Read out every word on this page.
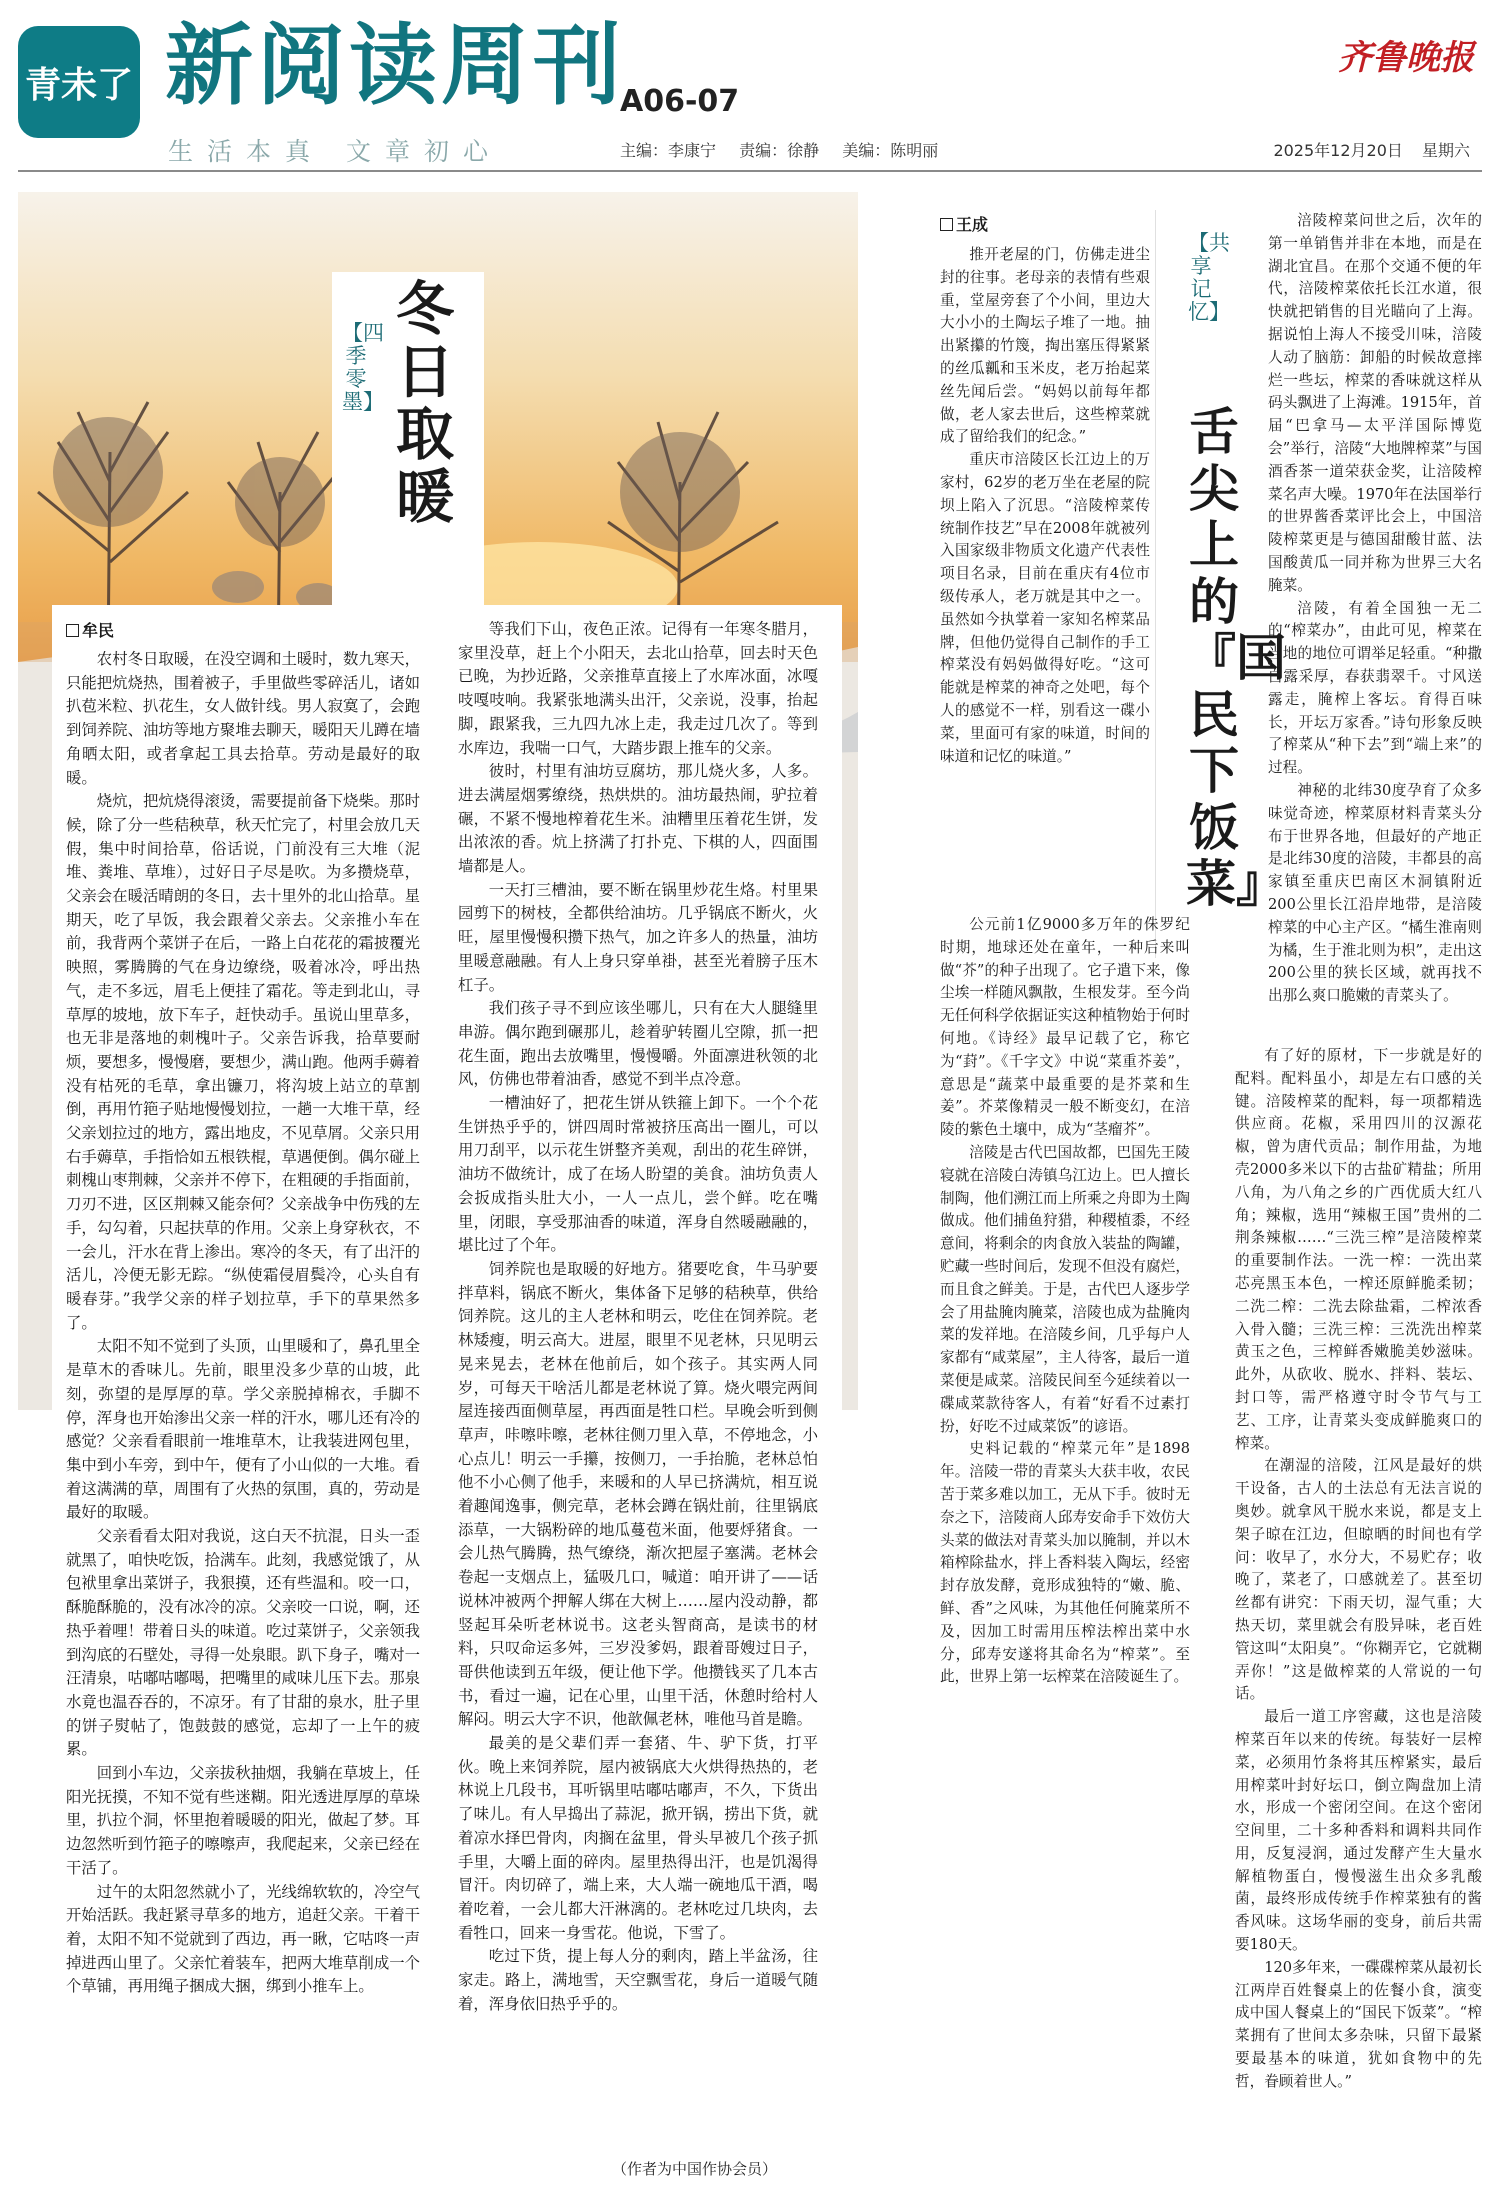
青未了 新阅读周刊
A06-07
生活本真 文章初心	主编：李康宁 责编：徐静 美编：陈明丽
齐鲁晚报
2025年12月20日 星期六
冬日取暖
【四季零墨】
牟民

农村冬日取暖，在没空调和土暖时，数九寒天，只能把炕烧热，围着被子，手里做些零碎活儿，诸如扒苞米粒、扒花生，女人做针线。男人寂寞了，会跑到饲养院、油坊等地方聚堆去聊天，暖阳天儿蹲在墙角晒太阳，或者拿起工具去拾草。劳动是最好的取暖。

烧炕，把炕烧得滚烫，需要提前备下烧柴。那时候，除了分一些秸秧草，秋天忙完了，村里会放几天假，集中时间拾草，俗话说，门前没有三大堆（泥堆、粪堆、草堆），过好日子尽是吹。为多攒烧草，父亲会在暖活晴朗的冬日，去十里外的北山拾草。星期天，吃了早饭，我会跟着父亲去。父亲推小车在前，我背两个菜饼子在后，一路上白花花的霜披覆光映照，雾腾腾的气在身边缭绕，吸着冰冷，呼出热气，走不多远，眉毛上便挂了霜花。等走到北山，寻草厚的坡地，放下车子，赶快动手。虽说山里草多，也无非是落地的刺槐叶子。父亲告诉我，拾草要耐烦，要想多，慢慢磨，要想少，满山跑。他两手薅着没有枯死的毛草，拿出镰刀，将沟坡上站立的草割倒，再用竹筢子贴地慢慢划拉，一趟一大堆干草，经父亲划拉过的地方，露出地皮，不见草屑。父亲只用右手薅草，手指恰如五根铁棍，草遇便倒。偶尔碰上刺槐山枣荆棘，父亲并不停下，在粗硬的手指面前，刀刃不进，区区荆棘又能奈何？父亲战争中伤残的左手，勾勾着，只起扶草的作用。父亲上身穿秋衣，不一会儿，汗水在背上渗出。寒冷的冬天，有了出汗的活儿，冷便无影无踪。“纵使霜侵眉鬓冷，心头自有暖春芽。”我学父亲的样子划拉草，手下的草果然多了。

太阳不知不觉到了头顶，山里暖和了，鼻孔里全是草木的香味儿。先前，眼里没多少草的山坡，此刻，弥望的是厚厚的草。学父亲脱掉棉衣，手脚不停，浑身也开始渗出父亲一样的汗水，哪儿还有冷的感觉？父亲看看眼前一堆堆草木，让我装进网包里，集中到小车旁，到中午，便有了小山似的一大堆。看着这满满的草，周围有了火热的氛围，真的，劳动是最好的取暖。

父亲看看太阳对我说，这白天不抗混，日头一歪就黑了，咱快吃饭，拾满车。此刻，我感觉饿了，从包袱里拿出菜饼子，我狠摸，还有些温和。咬一口，酥脆酥脆的，没有冰冷的凉。父亲咬一口说，啊，还热乎着哩！带着日头的味道。吃过菜饼子，父亲领我到沟底的石壁处，寻得一处泉眼。趴下身子，嘴对一汪清泉，咕嘟咕嘟喝，把嘴里的咸味儿压下去。那泉水竟也温吞吞的，不凉牙。有了甘甜的泉水，肚子里的饼子熨帖了，饱鼓鼓的感觉，忘却了一上午的疲累。

回到小车边，父亲拔秋抽烟，我躺在草坡上，任阳光抚摸，不知不觉有些迷糊。阳光透进厚厚的草垛里，扒拉个洞，怀里抱着暖暖的阳光，做起了梦。耳边忽然听到竹筢子的嚓嚓声，我爬起来，父亲已经在干活了。

过午的太阳忽然就小了，光线绵软软的，冷空气开始活跃。我赶紧寻草多的地方，追赶父亲。干着干着，太阳不知不觉就到了西边，再一瞅，它咕咚一声掉进西山里了。父亲忙着装车，把两大堆草削成一个个草铺，再用绳子捆成大捆，绑到小推车上。

等我们下山，夜色正浓。记得有一年寒冬腊月，家里没草，赶上个小阳天，去北山拾草，回去时天色已晚，为抄近路，父亲推草直接上了水库冰面，冰嘎吱嘎吱响。我紧张地满头出汗，父亲说，没事，抬起脚，跟紧我，三九四九冰上走，我走过几次了。等到水库边，我喘一口气，大踏步跟上推车的父亲。

彼时，村里有油坊豆腐坊，那儿烧火多，人多。进去满屋烟雾缭绕，热烘烘的。油坊最热闹，驴拉着碾，不紧不慢地榨着花生米。油糟里压着花生饼，发出浓浓的香。炕上挤满了打扑克、下棋的人，四面围墙都是人。

一天打三槽油，要不断在锅里炒花生烙。村里果园剪下的树枝，全都供给油坊。几乎锅底不断火，火旺，屋里慢慢积攒下热气，加之许多人的热量，油坊里暖意融融。有人上身只穿单褂，甚至光着膀子压木杠子。

我们孩子寻不到应该坐哪儿，只有在大人腿缝里串游。偶尔跑到碾那儿，趁着驴转圈儿空隙，抓一把花生面，跑出去放嘴里，慢慢嚼。外面凛进秋领的北风，仿佛也带着油香，感觉不到半点冷意。

一槽油好了，把花生饼从铁箍上卸下。一个个花生饼热乎乎的，饼四周时常被挤压高出一圈儿，可以用刀刮平，以示花生饼整齐美观，刮出的花生碎饼，油坊不做统计，成了在场人盼望的美食。油坊负责人会扳成指头肚大小，一人一点儿，尝个鲜。吃在嘴里，闭眼，享受那油香的味道，浑身自然暖融融的，堪比过了个年。

饲养院也是取暖的好地方。猪要吃食，牛马驴要拌草料，锅底不断火，集体备下足够的秸秧草，供给饲养院。这儿的主人老林和明云，吃住在饲养院。老林矮瘦，明云高大。进屋，眼里不见老林，只见明云晃来晃去，老林在他前后，如个孩子。其实两人同岁，可每天干啥活儿都是老林说了算。烧火喂完两间屋连接西面侧草屋，再西面是牲口栏。早晚会听到侧草声，咔嚓咔嚓，老林往侧刀里入草，不停地念，小心点儿！明云一手攥，按侧刀，一手抬脆，老林总怕他不小心侧了他手，来暖和的人早已挤满炕，相互说着趣闻逸事，侧完草，老林会蹲在锅灶前，往里锅底添草，一大锅粉碎的地瓜蔓苞米面，他要烀猪食。一会儿热气腾腾，热气缭绕，渐次把屋子塞满。老林会卷起一支烟点上，猛吸几口，喊道：咱开讲了——话说林冲被两个押解人绑在大树上……屋内没动静，都竖起耳朵听老林说书。这老头智商高，是读书的材料，只叹命运多舛，三岁没爹妈，跟着哥嫂过日子，哥供他读到五年级，便让他下学。他攒钱买了几本古书，看过一遍，记在心里，山里干活，休憩时给村人解闷。明云大字不识，他歆佩老林，唯他马首是瞻。

最美的是父辈们弄一套猪、牛、驴下货，打平伙。晚上来饲养院，屋内被锅底大火烘得热热的，老林说上几段书，耳听锅里咕嘟咕嘟声，不久，下货出了味儿。有人早捣出了蒜泥，掀开锅，捞出下货，就着凉水择巴骨肉，肉搁在盆里，骨头早被几个孩子抓手里，大嚼上面的碎肉。屋里热得出汗，也是饥渴得冒汗。肉切碎了，端上来，大人端一碗地瓜干酒，喝着吃着，一会儿都大汗淋漓的。老林吃过几块肉，去看牲口，回来一身雪花。他说，下雪了。

吃过下货，提上每人分的剩肉，踏上半盆汤，往家走。路上，满地雪，天空飘雪花，身后一道暖气随着，浑身依旧热乎乎的。

（作者为中国作协会员）
王成
【共享记忆】
舌尖上的『国民下饭菜』

推开老屋的门，仿佛走进尘封的往事。老母亲的表情有些艰重，堂屋旁套了个小间，里边大大小小的土陶坛子堆了一地。抽出紧攥的竹篾，掏出塞压得紧紧的丝瓜瓤和玉米皮，老万抬起菜丝先闻后尝。“妈妈以前每年都做，老人家去世后，这些榨菜就成了留给我们的纪念。”

重庆市涪陵区长江边上的万家村，62岁的老万坐在老屋的院坝上陷入了沉思。“涪陵榨菜传统制作技艺”早在2008年就被列入国家级非物质文化遗产代表性项目名录，目前在重庆有4位市级传承人，老万就是其中之一。虽然如今执掌着一家知名榨菜品牌，但他仍觉得自己制作的手工榨菜没有妈妈做得好吃。“这可能就是榨菜的神奇之处吧，每个人的感觉不一样，别看这一碟小菜，里面可有家的味道，时间的味道和记忆的味道。”

公元前1亿9000多万年的侏罗纪时期，地球还处在童年，一种后来叫做“芥”的种子出现了。它子遣下来，像尘埃一样随风飘散，生根发芽。至今尚无任何科学依据证实这种植物始于何时何地。《诗经》最早记载了它，称它为“葑”。《千字文》中说“菜重芥姜”，意思是“蔬菜中最重要的是芥菜和生姜”。芥菜像精灵一般不断变幻，在涪陵的紫色土壤中，成为“茎瘤芥”。

涪陵是古代巴国故都，巴国先王陵寝就在涪陵白涛镇乌江边上。巴人擅长制陶，他们溯江而上所乘之舟即为土陶做成。他们捕鱼狩猎，种稷植黍，不经意间，将剩余的肉食放入装盐的陶罐，贮藏一些时间后，发现不但没有腐烂，而且食之鲜美。于是，古代巴人逐步学会了用盐腌肉腌菜，涪陵也成为盐腌肉菜的发祥地。在涪陵乡间，几乎每户人家都有“咸菜屋”，主人待客，最后一道菜便是咸菜。涪陵民间至今延续着以一碟咸菜款待客人，有着“好看不过素打扮，好吃不过咸菜饭”的谚语。

史料记载的“榨菜元年”是1898年。涪陵一带的青菜头大获丰收，农民苦于菜多难以加工，无从下手。彼时无奈之下，涪陵商人邱寿安命手下效仿大头菜的做法对青菜头加以腌制，并以木箱榨除盐水，拌上香料装入陶坛，经密封存放发酵，竟形成独特的“嫩、脆、鲜、香”之风味，为其他任何腌菜所不及，因加工时需用压榨法榨出菜中水分，邱寿安遂将其命名为“榨菜”。至此，世界上第一坛榨菜在涪陵诞生了。

涪陵榨菜问世之后，次年的第一单销售并非在本地，而是在湖北宜昌。在那个交通不便的年代，涪陵榨菜依托长江水道，很快就把销售的目光瞄向了上海。据说怕上海人不接受川味，涪陵人动了脑筋：卸船的时候故意摔烂一些坛，榨菜的香味就这样从码头飘进了上海滩。1915年，首届“巴拿马—太平洋国际博览会”举行，涪陵“大地牌榨菜”与国酒香茶一道荣获金奖，让涪陵榨菜名声大噪。1970年在法国举行的世界酱香菜评比会上，中国涪陵榨菜更是与德国甜酸甘蓝、法国酸黄瓜一同并称为世界三大名腌菜。

涪陵，有着全国独一无二的“榨菜办”，由此可见，榨菜在当地的地位可谓举足轻重。“种撒白露采厚，春获翡翠千。寸风送露走，腌榨上客坛。育得百味长，开坛万家香。”诗句形象反映了榨菜从“种下去”到“端上来”的过程。

神秘的北纬30度孕育了众多味觉奇迹，榨菜原材料青菜头分布于世界各地，但最好的产地正是北纬30度的涪陵，丰都县的高家镇至重庆巴南区木洞镇附近200公里长江沿岸地带，是涪陵榨菜的中心主产区。“橘生淮南则为橘，生于淮北则为枳”，走出这200公里的狭长区域，就再找不出那么爽口脆嫩的青菜头了。

有了好的原材，下一步就是好的配料。配料虽小，却是左右口感的关键。涪陵榨菜的配料，每一项都精选供应商。花椒，采用四川的汉源花椒，曾为唐代贡品；制作用盐，为地壳2000多米以下的古盐矿精盐；所用八角，为八角之乡的广西优质大红八角；辣椒，选用“辣椒王国”贵州的二荆条辣椒……“三洗三榨”是涪陵榨菜的重要制作法。一洗一榨：一洗出菜芯亮黑玉本色，一榨还原鲜脆柔韧；二洗二榨：二洗去除盐霜，二榨浓香入骨入髓；三洗三榨：三洗洗出榨菜黄玉之色，三榨鲜香嫩脆美妙滋味。此外，从砍收、脱水、拌料、装坛、封口等，需严格遵守时令节气与工艺、工序，让青菜头变成鲜脆爽口的榨菜。

在潮湿的涪陵，江风是最好的烘干设备，古人的土法总有无法言说的奥妙。就拿风干脱水来说，都是支上架子晾在江边，但晾晒的时间也有学问：收早了，水分大，不易贮存；收晚了，菜老了，口感就差了。甚至切丝都有讲究：下雨天切，湿气重；大热天切，菜里就会有股异味，老百姓管这叫“太阳臭”。“你糊弄它，它就糊弄你！”这是做榨菜的人常说的一句话。

最后一道工序窖藏，这也是涪陵榨菜百年以来的传统。每装好一层榨菜，必须用竹条将其压榨紧实，最后用榨菜叶封好坛口，倒立陶盘加上清水，形成一个密闭空间。在这个密闭空间里，二十多种香料和调料共同作用，反复浸润，通过发酵产生大量水解植物蛋白，慢慢滋生出众多乳酸菌，最终形成传统手作榨菜独有的酱香风味。这场华丽的变身，前后共需要180天。

120多年来，一碟碟榨菜从最初长江两岸百姓餐桌上的佐餐小食，演变成中国人餐桌上的“国民下饭菜”。“榨菜拥有了世间太多杂味，只留下最紧要最基本的味道，犹如食物中的先哲，眷顾着世人。”
